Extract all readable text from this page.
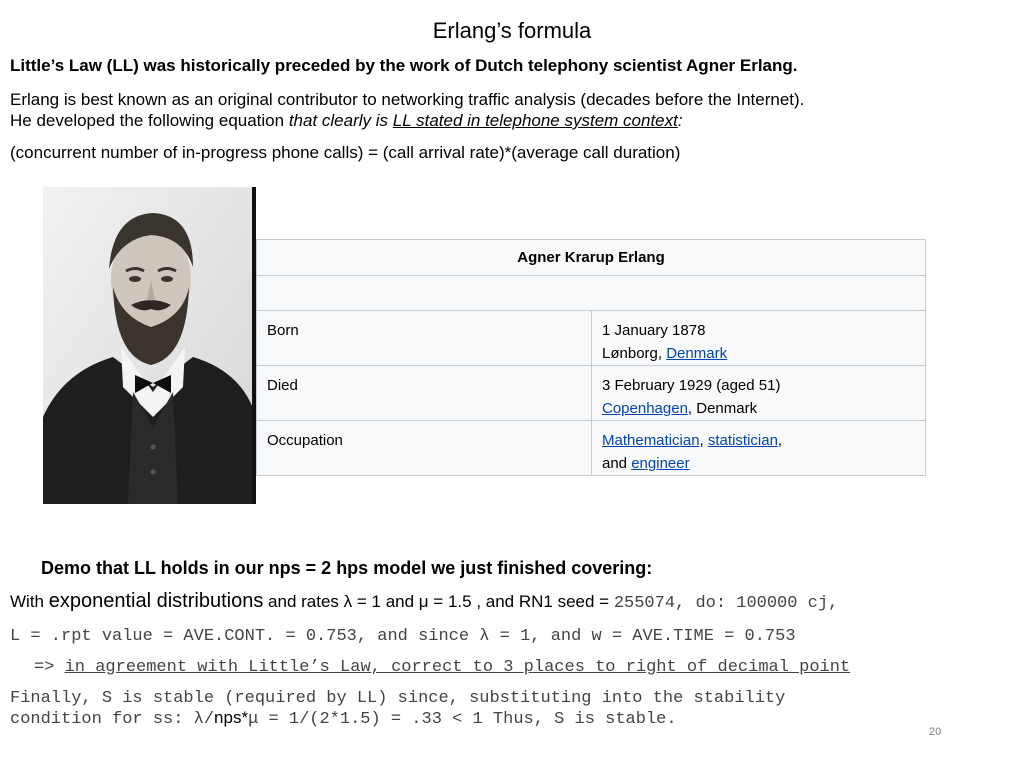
Erlang’s formula
Little’s Law (LL) was historically preceded by the work of Dutch telephony scientist Agner Erlang.
Erlang is best known as an original contributor to networking traffic analysis (decades before the Internet).
He developed the following equation that clearly is LL stated in telephone system context:
(concurrent number of in-progress phone calls) = (call arrival rate)*(average call duration)
Agner Krarup Erlang	

Born	1 January 1878
Lønborg, Denmark

Died	3 February 1929 (aged 51)
Copenhagen, Denmark

Occupation	Mathematician, statistician,
and engineer
Demo that LL holds in our nps = 2 hps model we just finished covering:
With exponential distributions and rates λ = 1 and μ = 1.5 , and RN1 seed = 255074, do: 100000 cj,
L = .rpt value = AVE.CONT. = 0.753, and since λ = 1, and w = AVE.TIME = 0.753
=> in agreement with Little’s Law, correct to 3 places to right of decimal point
Finally, S is stable (required by LL) since, substituting into the stability
condition for ss: λ/nps*μ = 1/(2*1.5) = .33 < 1 Thus, S is stable.
20
